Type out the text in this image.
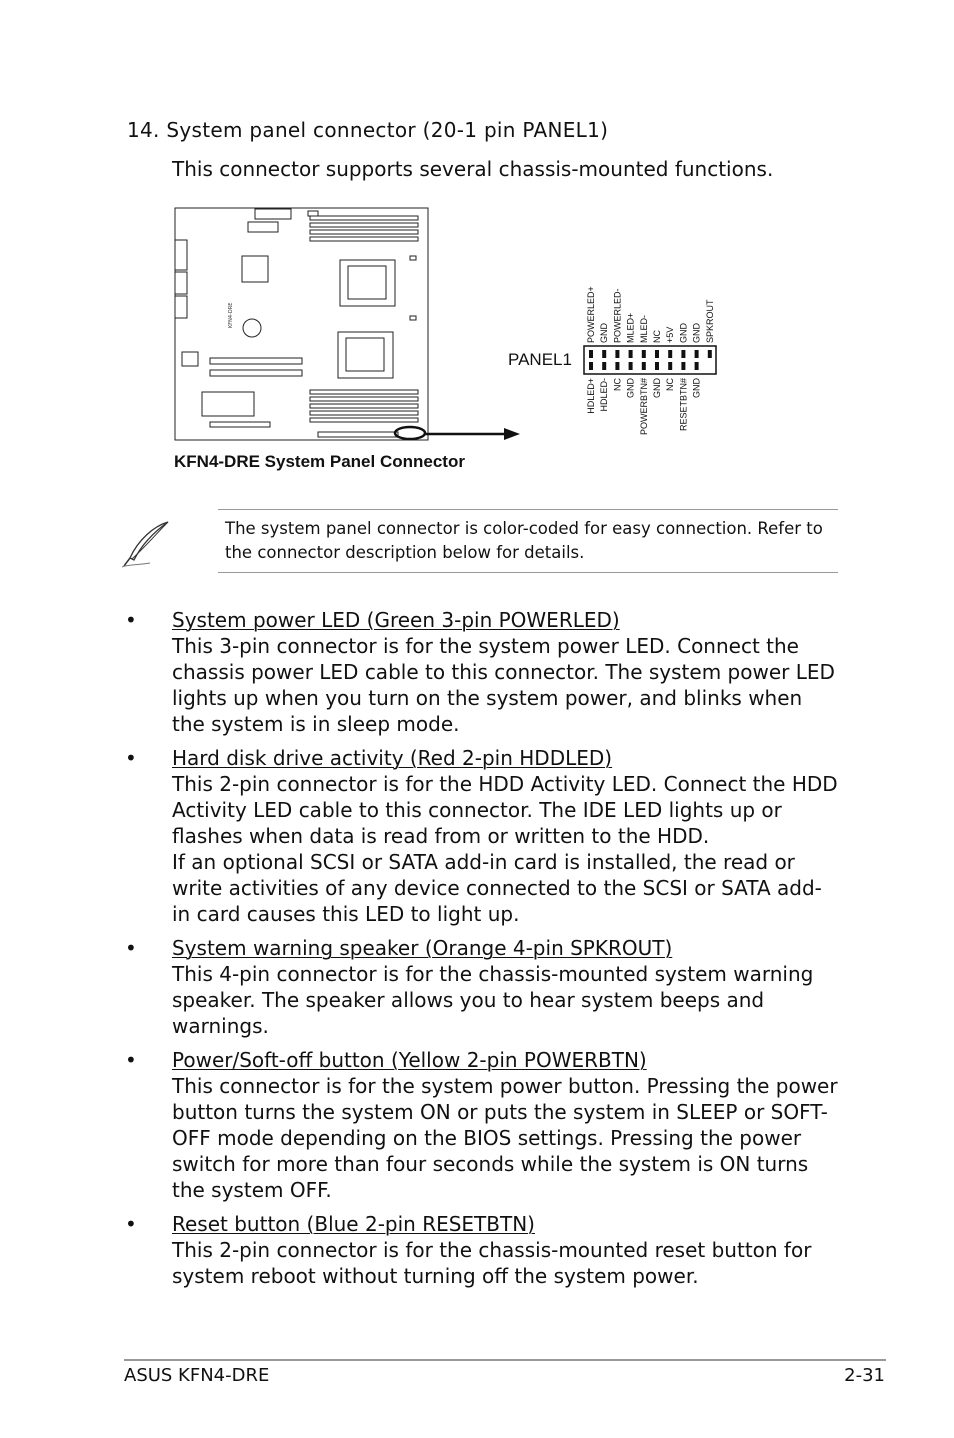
14. System panel connector (20-1 pin PANEL1)
This connector supports several chassis-mounted functions.
KFN4-DRE
PANEL1
POWERLED+ GND POWERLED- MLED+ MLED- NC +5V GND GND SPKROUT
HDLED+ HDLED- NC GND POWERBTN# GND NC RESETBTN# GND
KFN4-DRE System Panel Connector
The system panel connector is color-coded for easy connection. Refer to the connector description below for details.
• System power LED (Green 3-pin POWERLED)

This 3-pin connector is for the system power LED. Connect the chassis power LED cable to this connector. The system power LED lights up when you turn on the system power, and blinks when the system is in sleep mode.

• Hard disk drive activity (Red 2-pin HDDLED)

This 2-pin connector is for the HDD Activity LED. Connect the HDD Activity LED cable to this connector. The IDE LED lights up or flashes when data is read from or written to the HDD.

If an optional SCSI or SATA add-in card is installed, the read or write activities of any device connected to the SCSI or SATA add-in card causes this LED to light up.

• System warning speaker (Orange 4-pin SPKROUT)

This 4-pin connector is for the chassis-mounted system warning speaker. The speaker allows you to hear system beeps and warnings.

• Power/Soft-off button (Yellow 2-pin POWERBTN)

This connector is for the system power button. Pressing the power button turns the system ON or puts the system in SLEEP or SOFT-OFF mode depending on the BIOS settings. Pressing the power switch for more than four seconds while the system is ON turns the system OFF.

• Reset button (Blue 2-pin RESETBTN)

This 2-pin connector is for the chassis-mounted reset button for system reboot without turning off the system power.

ASUS KFN4-DRE	2-31
